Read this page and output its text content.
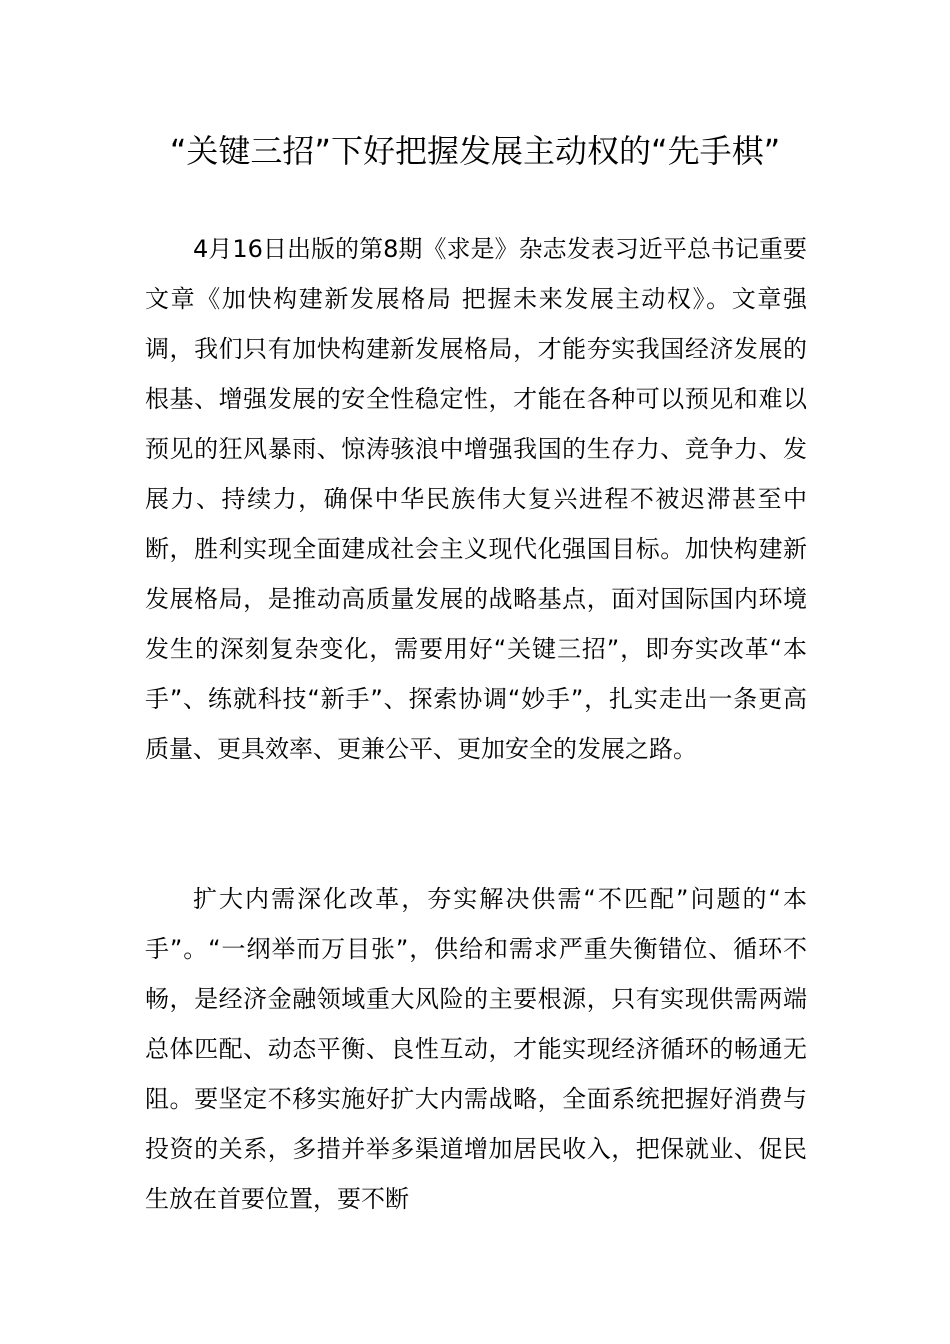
“关键三招”下好把握发展主动权的“先手棋”

4月16日出版的第8期《求是》杂志发表习近平总书记重要文章《加快构建新发展格局 把握未来发展主动权》。文章强调，我们只有加快构建新发展格局，才能夯实我国经济发展的根基、增强发展的安全性稳定性，才能在各种可以预见和难以预见的狂风暴雨、惊涛骇浪中增强我国的生存力、竞争力、发展力、持续力，确保中华民族伟大复兴进程不被迟滞甚至中断，胜利实现全面建成社会主义现代化强国目标。加快构建新发展格局，是推动高质量发展的战略基点，面对国际国内环境发生的深刻复杂变化，需要用好“关键三招”，即夯实改革“本手”、练就科技“新手”、探索协调“妙手”，扎实走出一条更高质量、更具效率、更兼公平、更加安全的发展之路。

扩大内需深化改革，夯实解决供需“不匹配”问题的“本手”。“一纲举而万目张”，供给和需求严重失衡错位、循环不畅，是经济金融领域重大风险的主要根源，只有实现供需两端总体匹配、动态平衡、良性互动，才能实现经济循环的畅通无阻。要坚定不移实施好扩大内需战略，全面系统把握好消费与投资的关系，多措并举多渠道增加居民收入，把保就业、促民生放在首要位置，要不断
